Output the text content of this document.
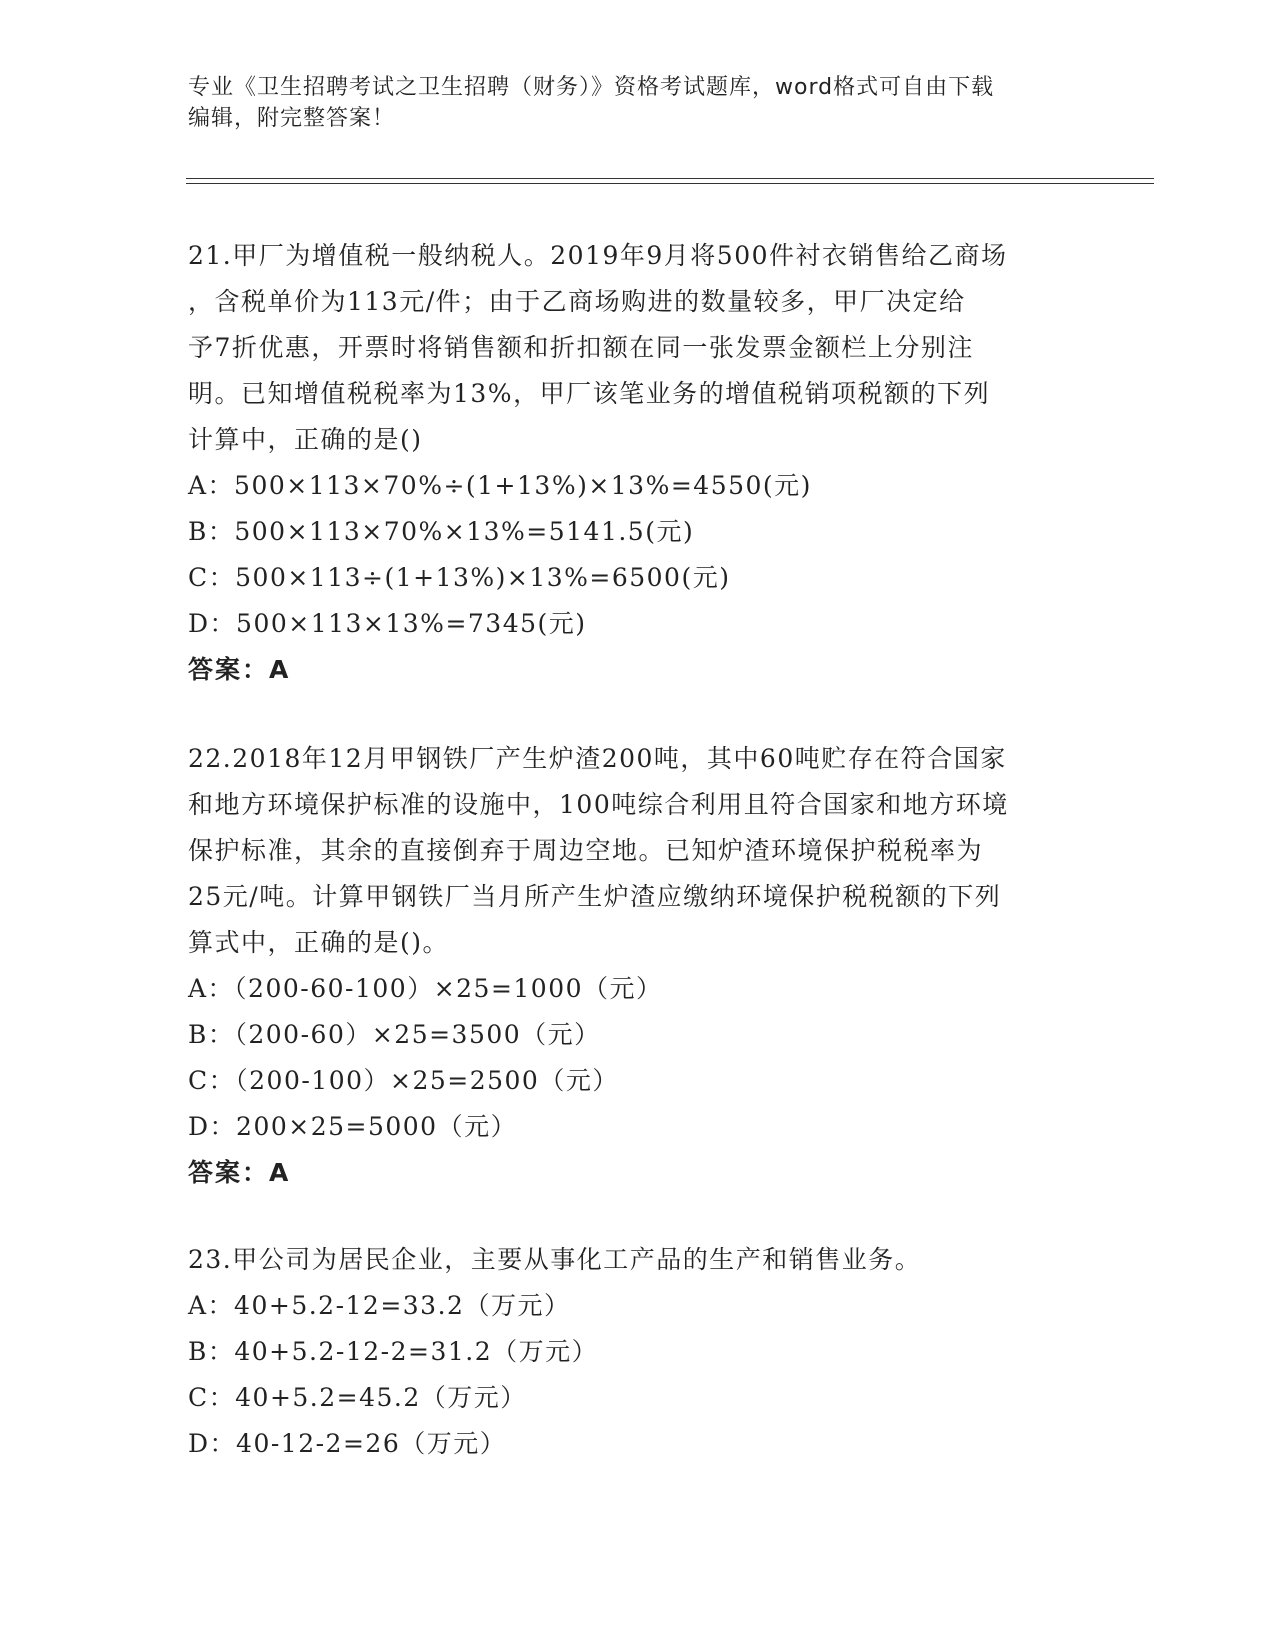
专业《卫生招聘考试之卫生招聘（财务）》资格考试题库，word格式可自由下载
编辑，附完整答案！
21.甲厂为增值税一般纳税人。2019年9月将500件衬衣销售给乙商场
，含税单价为113元/件；由于乙商场购进的数量较多，甲厂决定给
予7折优惠，开票时将销售额和折扣额在同一张发票金额栏上分别注
明。已知增值税税率为13%，甲厂该笔业务的增值税销项税额的下列
计算中，正确的是()
A：500×113×70%÷(1+13%)×13%=4550(元)
B：500×113×70%×13%=5141.5(元)
C：500×113÷(1+13%)×13%=6500(元)
D：500×113×13%=7345(元)
答案：A
22.2018年12月甲钢铁厂产生炉渣200吨，其中60吨贮存在符合国家
和地方环境保护标准的设施中，100吨综合利用且符合国家和地方环境
保护标准，其余的直接倒弃于周边空地。已知炉渣环境保护税税率为
25元/吨。计算甲钢铁厂当月所产生炉渣应缴纳环境保护税税额的下列
算式中，正确的是()。
A：（200-60-100）×25=1000（元）
B：（200-60）×25=3500（元）
C：（200-100）×25=2500（元）
D：200×25=5000（元）
答案：A
23.甲公司为居民企业，主要从事化工产品的生产和销售业务。
A：40+5.2-12=33.2（万元）
B：40+5.2-12-2=31.2（万元）
C：40+5.2=45.2（万元）
D：40-12-2=26（万元）
